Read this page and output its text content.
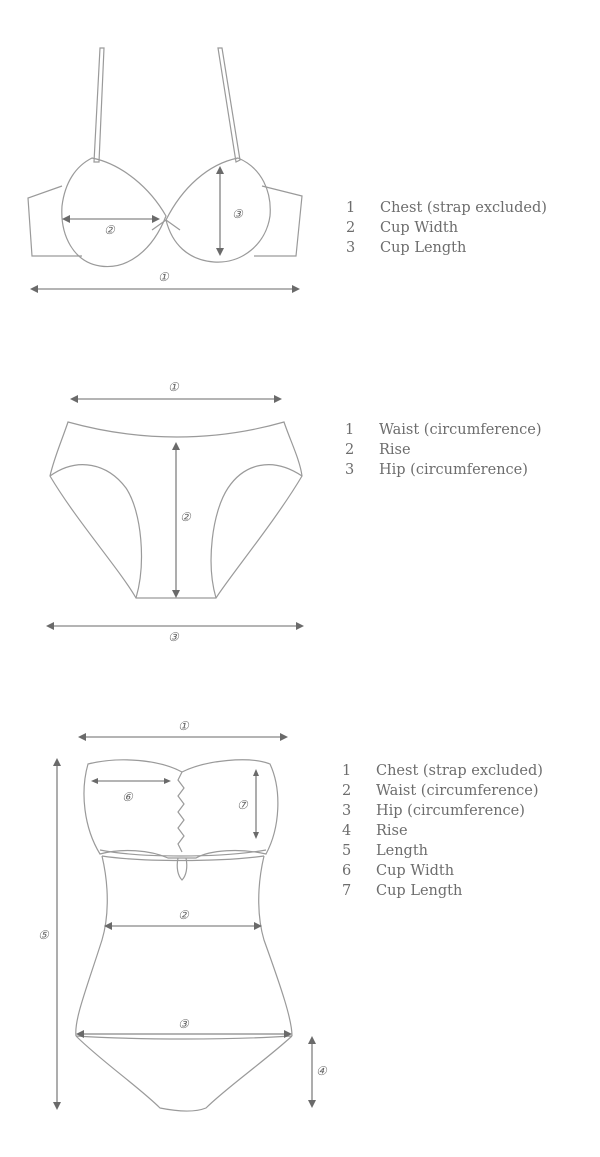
②
③
①
1	Chest (strap excluded)
2	Cup Width
3	Cup Length
①
②
③
1	Waist (circumference)
2	Rise
3	Hip (circumference)
①
⑥
⑦
②
⑤
③
④
1	Chest (strap excluded)
2	Waist (circumference)
3	Hip (circumference)
4	Rise
5	Length
6	Cup Width
7	Cup Length
